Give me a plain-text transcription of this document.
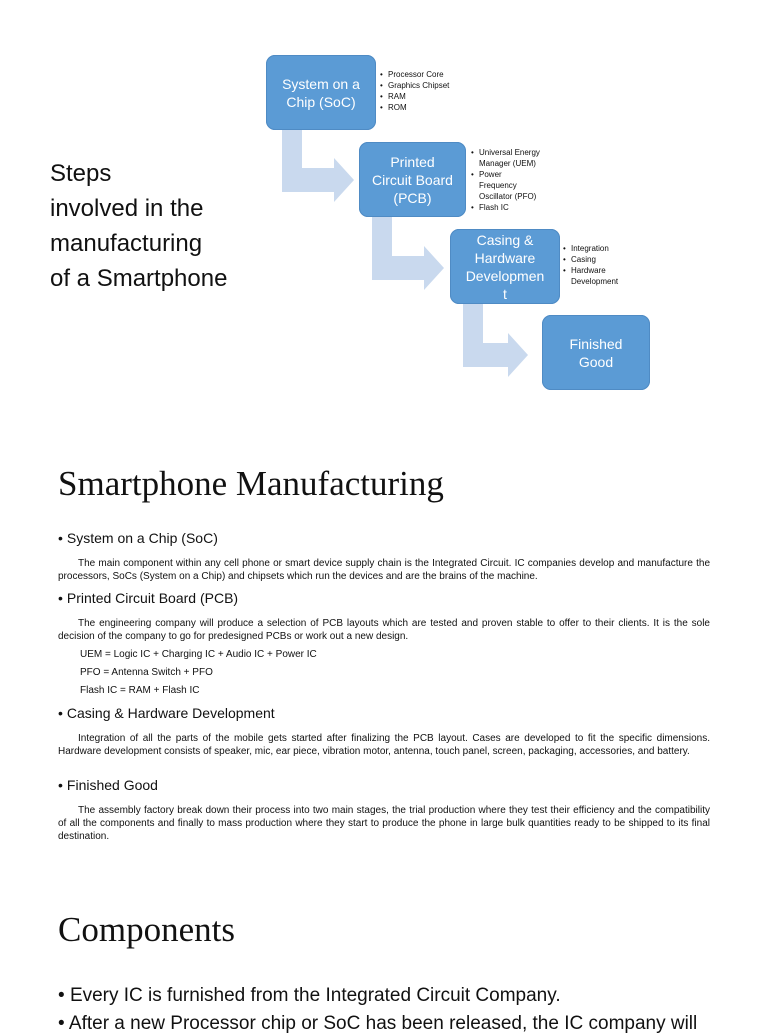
System on a
Chip (SoC)
• Processor Core
• Graphics Chipset
• RAM
• ROM
Printed
Circuit Board
(PCB)
• Universal Energy
Manager (UEM)
• Power
Frequency
Oscillator (PFO)
• Flash IC
Casing &
Hardware
Developmen
t
• Integration
• Casing
• Hardware
Development
Finished
Good
Steps
involved in the
manufacturing
of a Smartphone
Smartphone Manufacturing
• System on a Chip (SoC)
The main component within any cell phone or smart device supply chain is the Integrated Circuit. IC companies develop and manufacture the processors, SoCs (System on a Chip) and chipsets which run the devices and are the brains of the machine.
• Printed Circuit Board (PCB)
The engineering company will produce a selection of PCB layouts which are tested and proven stable to offer to their clients. It is the sole decision of the company to go for predesigned PCBs or work out a new design.
UEM = Logic IC + Charging IC + Audio IC + Power IC
PFO = Antenna Switch + PFO
Flash IC = RAM + Flash IC
• Casing & Hardware Development
Integration of all the parts of the mobile gets started after finalizing the PCB layout. Cases are developed to fit the specific dimensions. Hardware development consists of speaker, mic, ear piece, vibration motor, antenna, touch panel, screen, packaging, accessories, and battery.
• Finished Good
The assembly factory break down their process into two main stages, the trial production where they test their efficiency and the compatibility of all the components and finally to mass production where they start to produce the phone in large bulk quantities ready to be shipped to its final destination.
Components
• Every IC is furnished from the Integrated Circuit Company.
• After a new Processor chip or SoC has been released, the IC company will
